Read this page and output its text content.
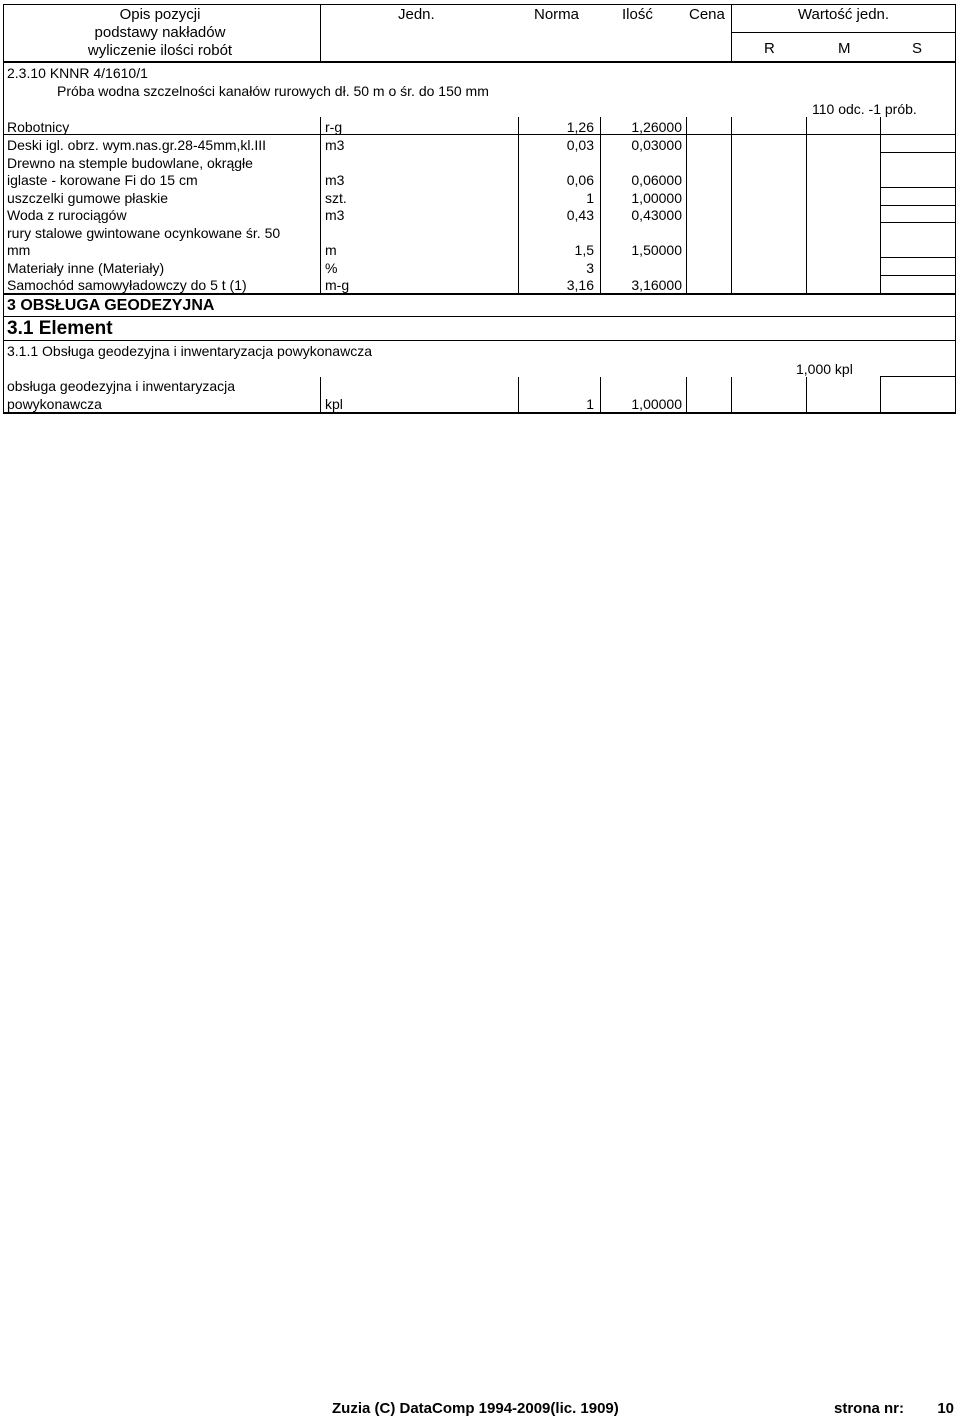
Opis pozycji
podstawy nakładów
wyliczenie ilości robót
Jedn.	Norma	Ilość Cena	Wartość jedn.
R	M	S
2.3.10 KNNR 4/1610/1
Próba wodna szczelności kanałów rurowych dł. 50 m o śr. do 150 mm
110 odc. -1 prób.
Robotnicy	r-g	1,26	1,26000
Deski igl. obrz. wym.nas.gr.28-45mm,kl.III	m3	0,03	0,03000
Drewno na stemple budowlane, okrągłe
iglaste - korowane Fi do 15 cm	m3	0,06	0,06000
uszczelki gumowe płaskie	szt.	1	1,00000
Woda z rurociągów	m3	0,43	0,43000
rury stalowe gwintowane ocynkowane śr. 50
mm	m	1,5	1,50000
Materiały inne (Materiały)	%	3
Samochód samowyładowczy do 5 t (1)	m-g	3,16	3,16000
3 OBSŁUGA GEODEZYJNA
3.1 Element
3.1.1 Obsługa geodezyjna i inwentaryzacja powykonawcza
1,000 kpl
obsługa geodezyjna i inwentaryzacja
powykonawcza	kpl	1	1,00000
Zuzia (C) DataComp 1994-2009(lic. 1909)	strona nr:	10
